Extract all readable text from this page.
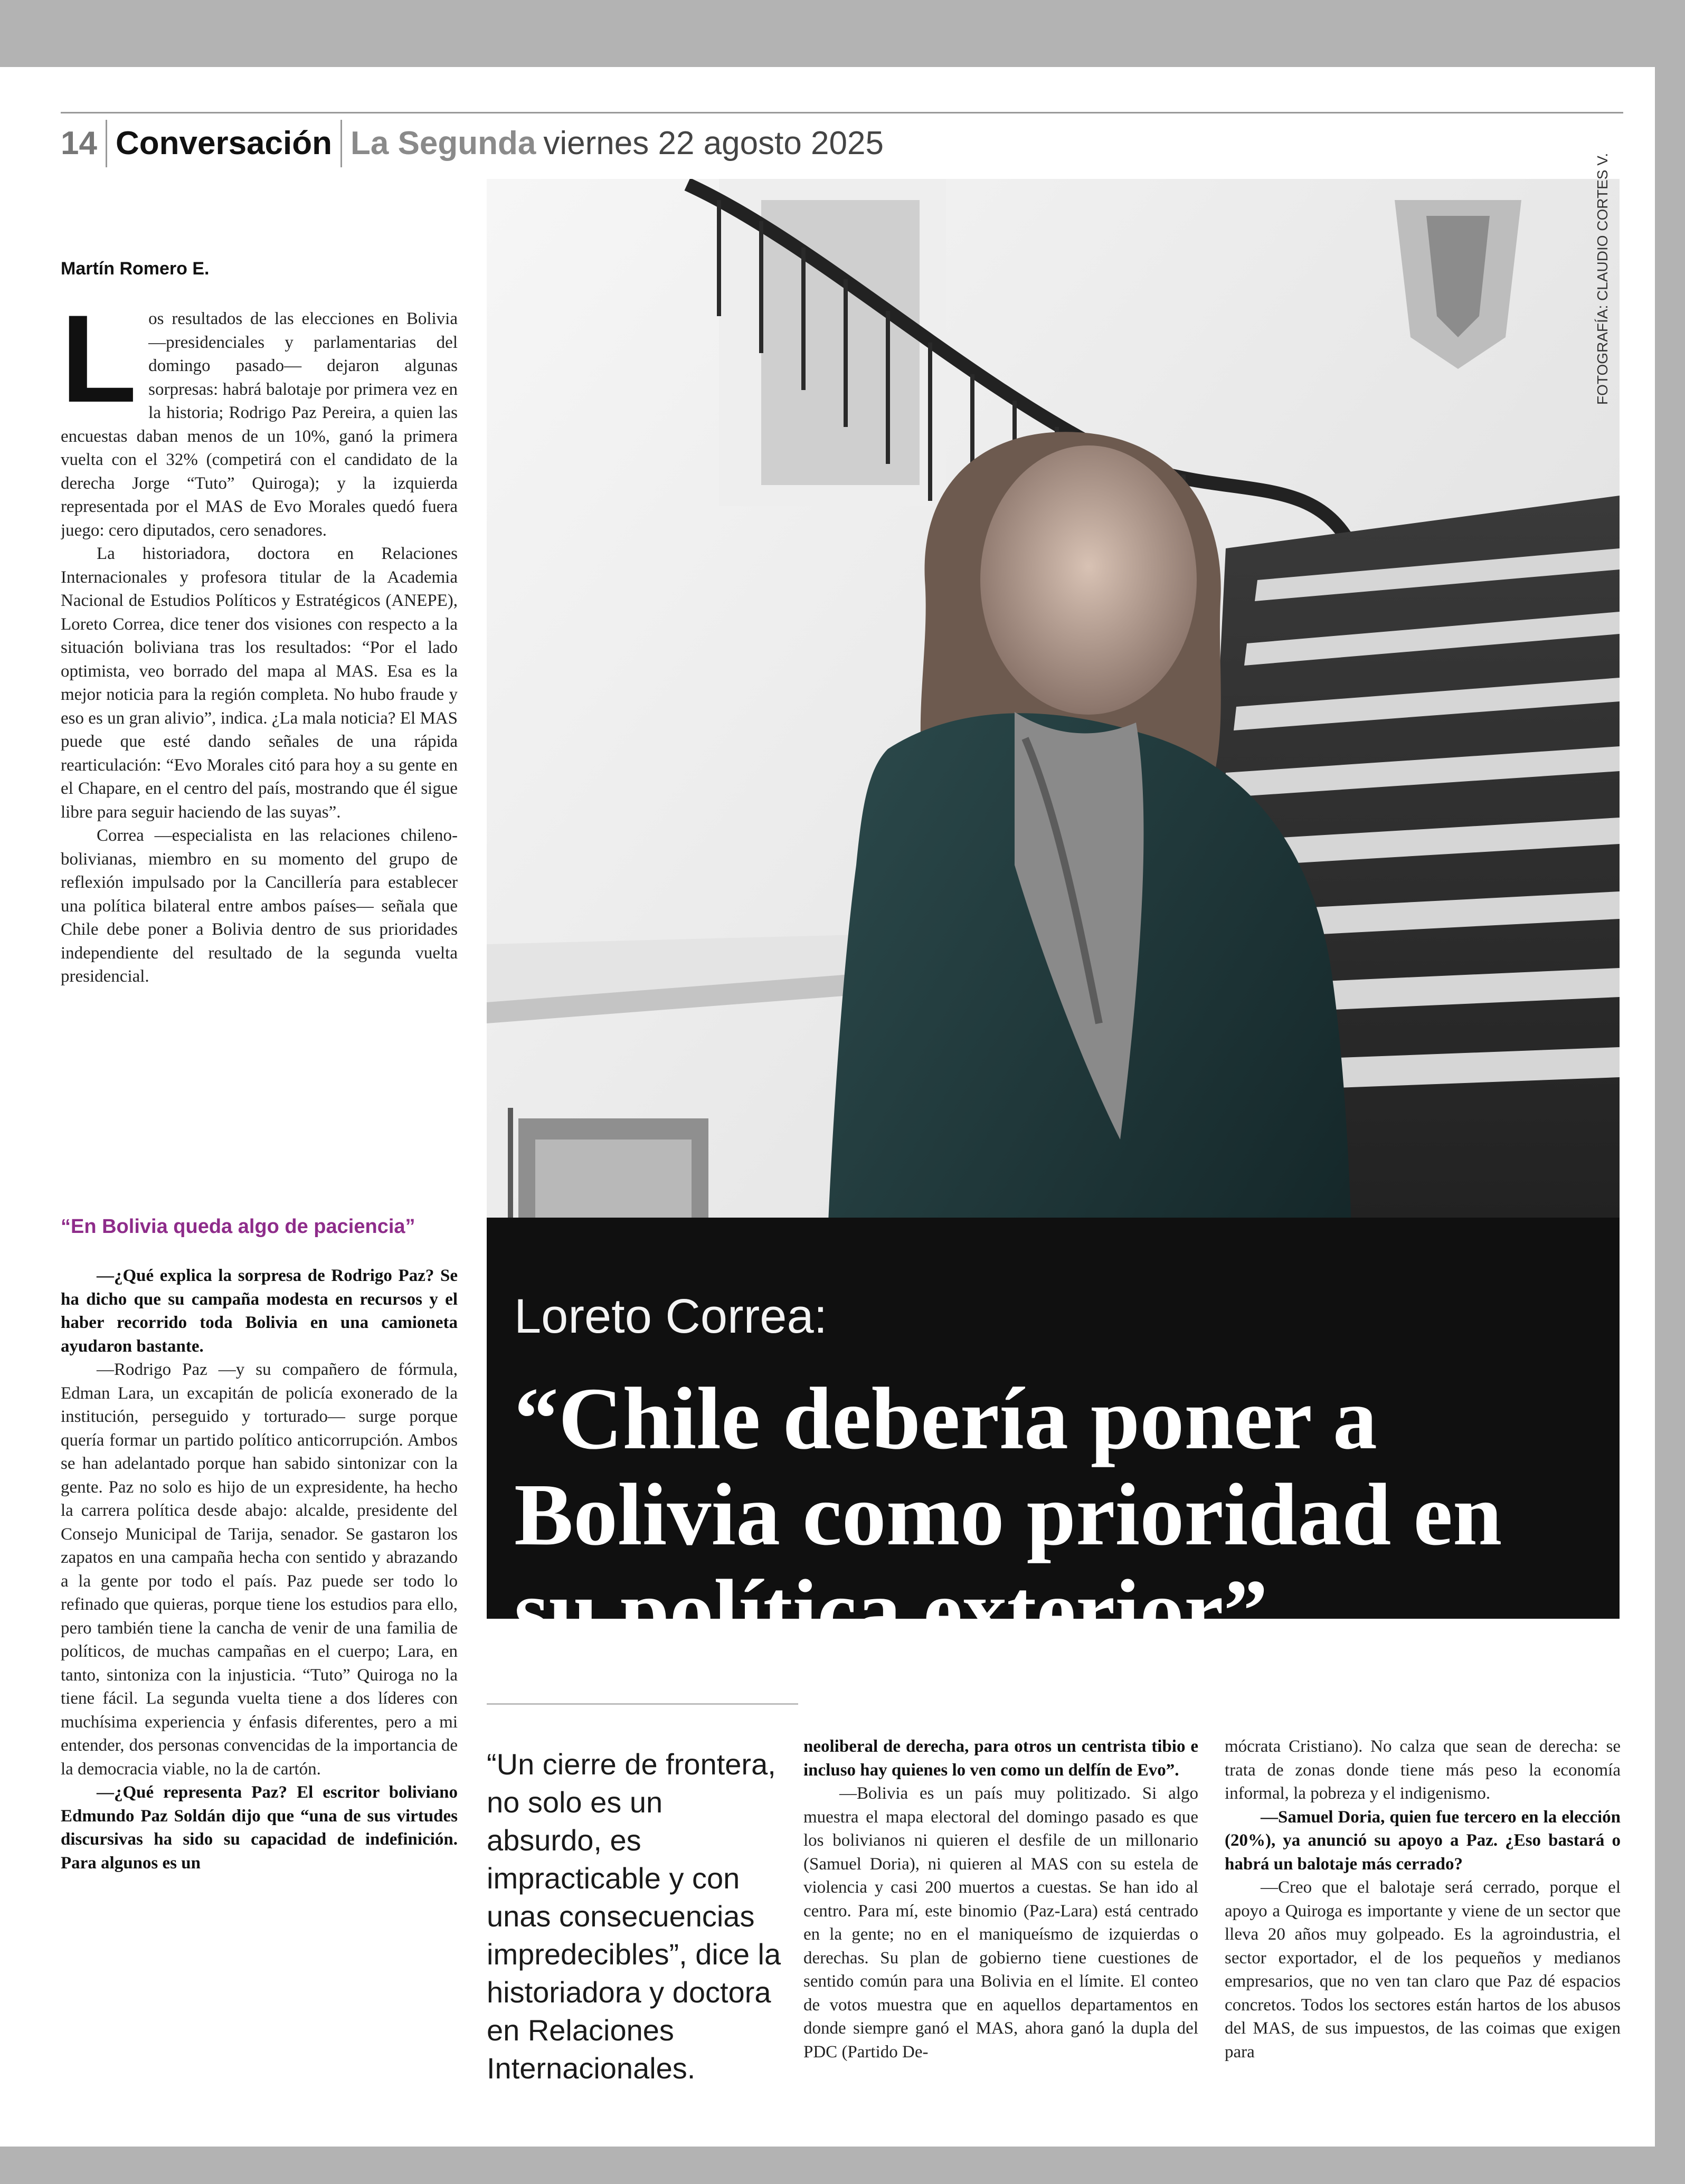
14 Conversación La Segunda viernes 22 agosto 2025
Martín Romero E.

Los resultados de las elecciones en Bolivia —presidenciales y parlamentarias del domingo pasado— dejaron algunas sorpresas: habrá balotaje por primera vez en la historia; Rodrigo Paz Pereira, a quien las encuestas daban menos de un 10%, ganó la primera vuelta con el 32% (competirá con el candidato de la derecha Jorge “Tuto” Quiroga); y la izquierda representada por el MAS de Evo Morales quedó fuera juego: cero diputados, cero senadores.

La historiadora, doctora en Relaciones Internacionales y profesora titular de la Academia Nacional de Estudios Políticos y Estratégicos (ANEPE), Loreto Correa, dice tener dos visiones con respecto a la situación boliviana tras los resultados: “Por el lado optimista, veo borrado del mapa al MAS. Esa es la mejor noticia para la región completa. No hubo fraude y eso es un gran alivio”, indica. ¿La mala noticia? El MAS puede que esté dando señales de una rápida rearticulación: “Evo Morales citó para hoy a su gente en el Chapare, en el centro del país, mostrando que él sigue libre para seguir haciendo de las suyas”.

Correa —especialista en las relaciones chileno-bolivianas, miembro en su momento del grupo de reflexión impulsado por la Cancillería para establecer una política bilateral entre ambos países— señala que Chile debe poner a Bolivia dentro de sus prioridades independiente del resultado de la segunda vuelta presidencial.

“En Bolivia queda algo de paciencia”

—¿Qué explica la sorpresa de Rodrigo Paz? Se ha dicho que su campaña modesta en recursos y el haber recorrido toda Bolivia en una camioneta ayudaron bastante.

—Rodrigo Paz —y su compañero de fórmula, Edman Lara, un excapitán de policía exonerado de la institución, perseguido y torturado— surge porque quería formar un partido político anticorrupción. Ambos se han adelantado porque han sabido sintonizar con la gente. Paz no solo es hijo de un expresidente, ha hecho la carrera política desde abajo: alcalde, presidente del Consejo Municipal de Tarija, senador. Se gastaron los zapatos en una campaña hecha con sentido y abrazando a la gente por todo el país. Paz puede ser todo lo refinado que quieras, porque tiene los estudios para ello, pero también tiene la cancha de venir de una familia de políticos, de muchas campañas en el cuerpo; Lara, en tanto, sintoniza con la injusticia. “Tuto” Quiroga no la tiene fácil. La segunda vuelta tiene a dos líderes con muchísima experiencia y énfasis diferentes, pero a mi entender, dos personas convencidas de la importancia de la democracia viable, no la de cartón.

—¿Qué representa Paz? El escritor boliviano Edmundo Paz Soldán dijo que “una de sus virtudes discursivas ha sido su capacidad de indefinición. Para algunos es un

FOTOGRAFÍA: CLAUDIO CORTES V.
Loreto Correa:
“Chile debería poner a Bolivia como prioridad en su política exterior”
“Un cierre de frontera, no solo es un absurdo, es impracticable y con unas consecuencias impredecibles”, dice la historiadora y doctora en Relaciones Internacionales.

neoliberal de derecha, para otros un centrista tibio e incluso hay quienes lo ven como un delfín de Evo”.

—Bolivia es un país muy politizado. Si algo muestra el mapa electoral del domingo pasado es que los bolivianos ni quieren el desfile de un millonario (Samuel Doria), ni quieren al MAS con su estela de violencia y casi 200 muertos a cuestas. Se han ido al centro. Para mí, este binomio (Paz-Lara) está centrado en la gente; no en el maniqueísmo de izquierdas o derechas. Su plan de gobierno tiene cuestiones de sentido común para una Bolivia en el límite. El conteo de votos muestra que en aquellos departamentos en donde siempre ganó el MAS, ahora ganó la dupla del PDC (Partido De-

mócrata Cristiano). No calza que sean de derecha: se trata de zonas donde tiene más peso la economía informal, la pobreza y el indigenismo.

—Samuel Doria, quien fue tercero en la elección (20%), ya anunció su apoyo a Paz. ¿Eso bastará o habrá un balotaje más cerrado?

—Creo que el balotaje será cerrado, porque el apoyo a Quiroga es importante y viene de un sector que lleva 20 años muy golpeado. Es la agroindustria, el sector exportador, el de los pequeños y medianos empresarios, que no ven tan claro que Paz dé espacios concretos. Todos los sectores están hartos de los abusos del MAS, de sus impuestos, de las coimas que exigen para
